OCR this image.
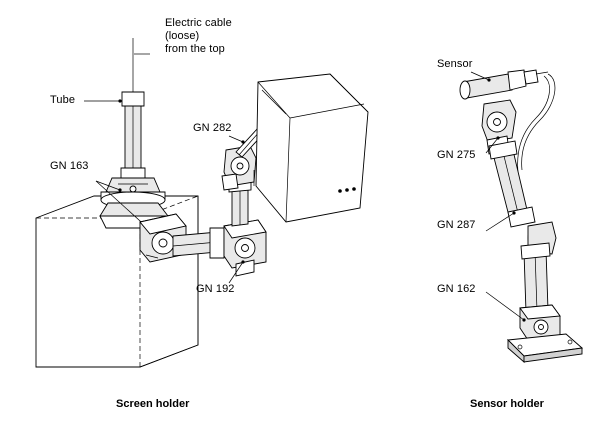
Electric cable
(loose)
from the top
Tube
GN 163
GN 282
GN 192
Sensor
GN 275
GN 287
GN 162
Screen holder	Sensor holder
